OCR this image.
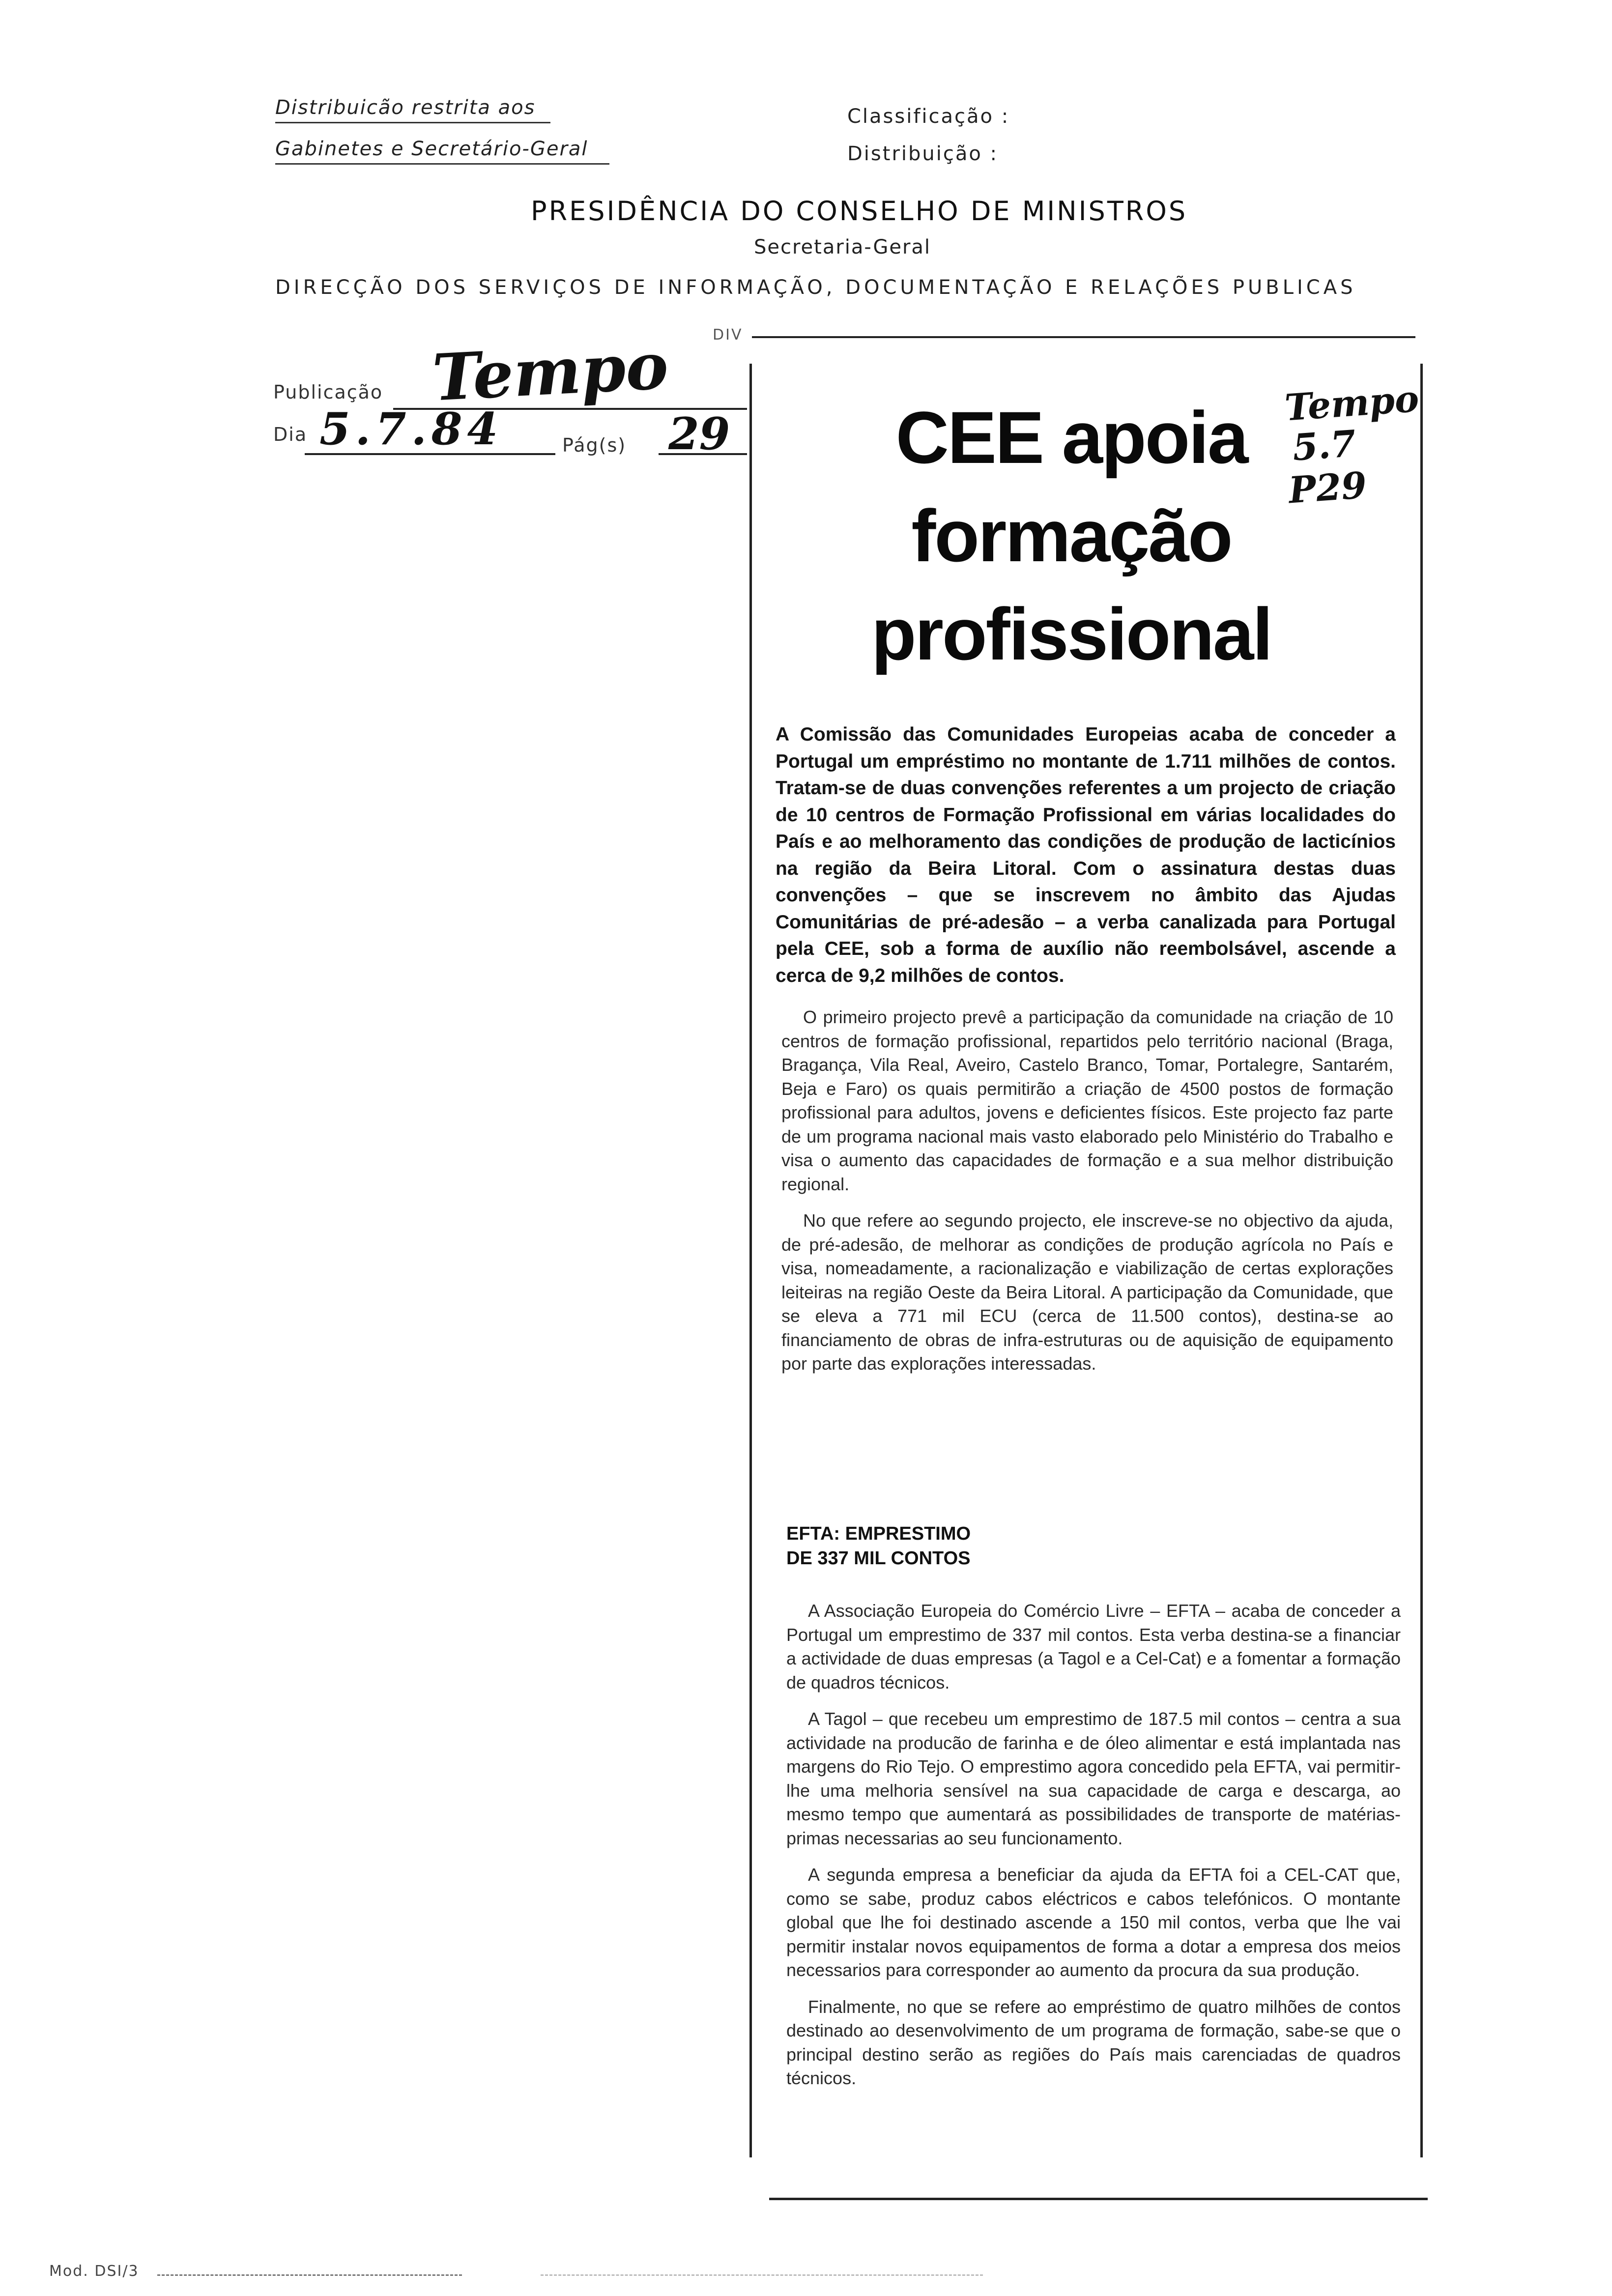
Distribuicão restrita aos
Gabinetes e Secretário-Geral
Classificação :
Distribuição :
PRESIDÊNCIA DO CONSELHO DE MINISTROS
Secretaria-Geral
DIRECÇÃO DOS SERVIÇOS DE INFORMAÇÃO, DOCUMENTAÇÃO E RELAÇÕES PUBLICAS
DIV
Publicação Tempo
Dia 5.7.84	Pág(s) 29
Tempo
5.7
P29
CEE apoia
formação
profissional
A Comissão das Comunidades Europeias acaba de conceder a Portugal um empréstimo no montante de 1.711 milhões de contos. Tratam-se de duas convenções referentes a um projecto de criação de 10 centros de Formação Profissional em várias localidades do País e ao melhoramento das condições de produção de lacticínios na região da Beira Litoral. Com o assinatura destas duas convenções – que se inscrevem no âmbito das Ajudas Comunitárias de pré-adesão – a verba canalizada para Portugal pela CEE, sob a forma de auxílio não reembolsável, ascende a cerca de 9,2 milhões de contos.

O primeiro projecto prevê a participação da comunidade na criação de 10 centros de formação profissional, repartidos pelo território nacional (Braga, Bragança, Vila Real, Aveiro, Castelo Branco, Tomar, Portalegre, Santarém, Beja e Faro) os quais permitirão a criação de 4500 postos de formação profissional para adultos, jovens e deficientes físicos. Este projecto faz parte de um programa nacional mais vasto elaborado pelo Ministério do Trabalho e visa o aumento das capacidades de formação e a sua melhor distribuição regional.

No que refere ao segundo projecto, ele inscreve-se no objectivo da ajuda, de pré-adesão, de melhorar as condições de produção agrícola no País e visa, nomeadamente, a racionalização e viabilização de certas explorações leiteiras na região Oeste da Beira Litoral. A participação da Comunidade, que se eleva a 771 mil ECU (cerca de 11.500 contos), destina-se ao financiamento de obras de infra-estruturas ou de aquisição de equipamento por parte das explorações interessadas.

EFTA: EMPRESTIMO
DE 337 MIL CONTOS

A Associação Europeia do Comércio Livre – EFTA – acaba de conceder a Portugal um emprestimo de 337 mil contos. Esta verba destina-se a financiar a actividade de duas empresas (a Tagol e a Cel-Cat) e a fomentar a formação de quadros técnicos.

A Tagol – que recebeu um emprestimo de 187.5 mil contos – centra a sua actividade na producão de farinha e de óleo alimentar e está implantada nas margens do Rio Tejo. O emprestimo agora concedido pela EFTA, vai permitir-lhe uma melhoria sensível na sua capacidade de carga e descarga, ao mesmo tempo que aumentará as possibilidades de transporte de matérias-primas necessarias ao seu funcionamento.

A segunda empresa a beneficiar da ajuda da EFTA foi a CEL-CAT que, como se sabe, produz cabos eléctricos e cabos telefónicos. O montante global que lhe foi destinado ascende a 150 mil contos, verba que lhe vai permitir instalar novos equipamentos de forma a dotar a empresa dos meios necessarios para corresponder ao aumento da procura da sua produção.

Finalmente, no que se refere ao empréstimo de quatro milhões de contos destinado ao desenvolvimento de um programa de formação, sabe-se que o principal destino serão as regiões do País mais carenciadas de quadros técnicos.

Mod. DSI/3
